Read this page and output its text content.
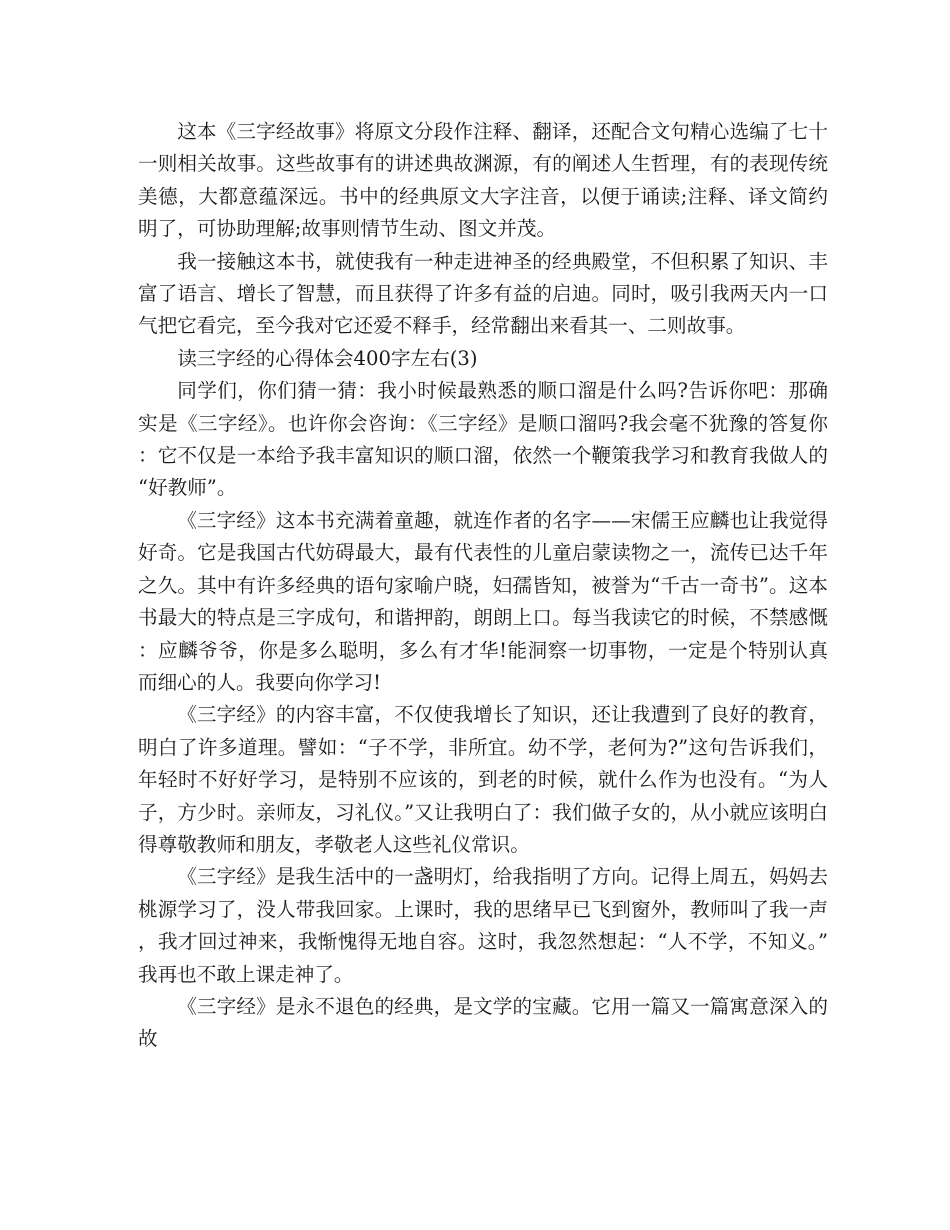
这本《三字经故事》将原文分段作注释、翻译，还配合文句精心选编了七十一则相关故事。这些故事有的讲述典故渊源，有的阐述人生哲理，有的表现传统美德，大都意蕴深远。书中的经典原文大字注音，以便于诵读;注释、译文简约明了，可协助理解;故事则情节生动、图文并茂。

我一接触这本书，就使我有一种走进神圣的经典殿堂，不但积累了知识、丰富了语言、增长了智慧，而且获得了许多有益的启迪。同时，吸引我两天内一口气把它看完，至今我对它还爱不释手，经常翻出来看其一、二则故事。

读三字经的心得体会400字左右(3)

同学们，你们猜一猜：我小时候最熟悉的顺口溜是什么吗?告诉你吧：那确实是《三字经》。也许你会咨询：《三字经》是顺口溜吗?我会毫不犹豫的答复你：它不仅是一本给予我丰富知识的顺口溜，依然一个鞭策我学习和教育我做人的“好教师”。

《三字经》这本书充满着童趣，就连作者的名字——宋儒王应麟也让我觉得好奇。它是我国古代妨碍最大，最有代表性的儿童启蒙读物之一，流传已达千年之久。其中有许多经典的语句家喻户晓，妇孺皆知，被誉为“千古一奇书”。这本书最大的特点是三字成句，和谐押韵，朗朗上口。每当我读它的时候，不禁感慨：应麟爷爷，你是多么聪明，多么有才华!能洞察一切事物，一定是个特别认真而细心的人。我要向你学习!

《三字经》的内容丰富，不仅使我增长了知识，还让我遭到了良好的教育，明白了许多道理。譬如：“子不学，非所宜。幼不学，老何为?”这句告诉我们，年轻时不好好学习，是特别不应该的，到老的时候，就什么作为也没有。“为人子，方少时。亲师友，习礼仪。”又让我明白了：我们做子女的，从小就应该明白得尊敬教师和朋友，孝敬老人这些礼仪常识。

《三字经》是我生活中的一盏明灯，给我指明了方向。记得上周五，妈妈去桃源学习了，没人带我回家。上课时，我的思绪早已飞到窗外，教师叫了我一声，我才回过神来，我惭愧得无地自容。这时，我忽然想起：“人不学，不知义。”我再也不敢上课走神了。

《三字经》是永不退色的经典，是文学的宝藏。它用一篇又一篇寓意深入的故
